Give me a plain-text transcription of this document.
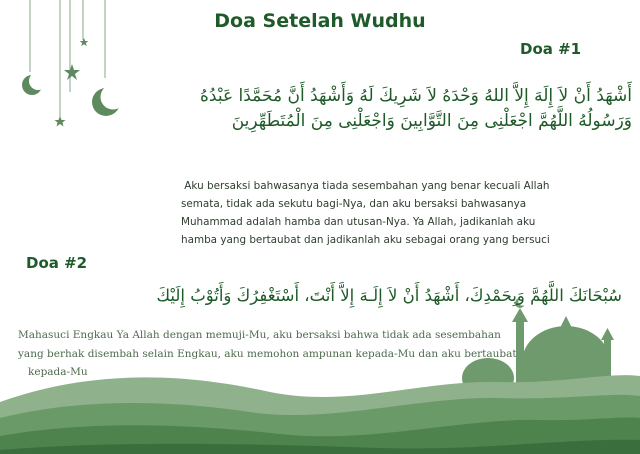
Doa Setelah Wudhu
Doa #1
أَشْهَدُ أَنْ لاَ إِلَهَ إِلاَّ اللهُ وَحْدَهُ لاَ شَرِيكَ لَهُ وَأَشْهَدُ أَنَّ مُحَمَّدًا عَبْدُهُ وَرَسُولُهُ اللَّهُمَّ اجْعَلْنِى مِنَ التَّوَّابِينَ وَاجْعَلْنِى مِنَ الْمُتَطَهِّرِينَ
Aku bersaksi bahwasanya tiada sesembahan yang benar kecuali Allah
semata, tidak ada sekutu bagi-Nya, dan aku bersaksi bahwasanya
Muhammad adalah hamba dan utusan-Nya. Ya Allah, jadikanlah aku
hamba yang bertaubat dan jadikanlah aku sebagai orang yang bersuci
Doa #2
سُبْحَانَكَ اللَّهُمَّ وَبِحَمْدِكَ، أَشْهَدُ أَنْ لاَ إِلَـهَ إِلاَّ أَنْتَ، أَسْتَغْفِرُكَ وَأَتُوْبُ إِلَيْكَ
Mahasuci Engkau Ya Allah dengan memuji-Mu, aku bersaksi bahwa tidak ada sesembahan
yang berhak disembah selain Engkau, aku memohon ampunan kepada-Mu dan aku bertaubat
kepada-Mu
